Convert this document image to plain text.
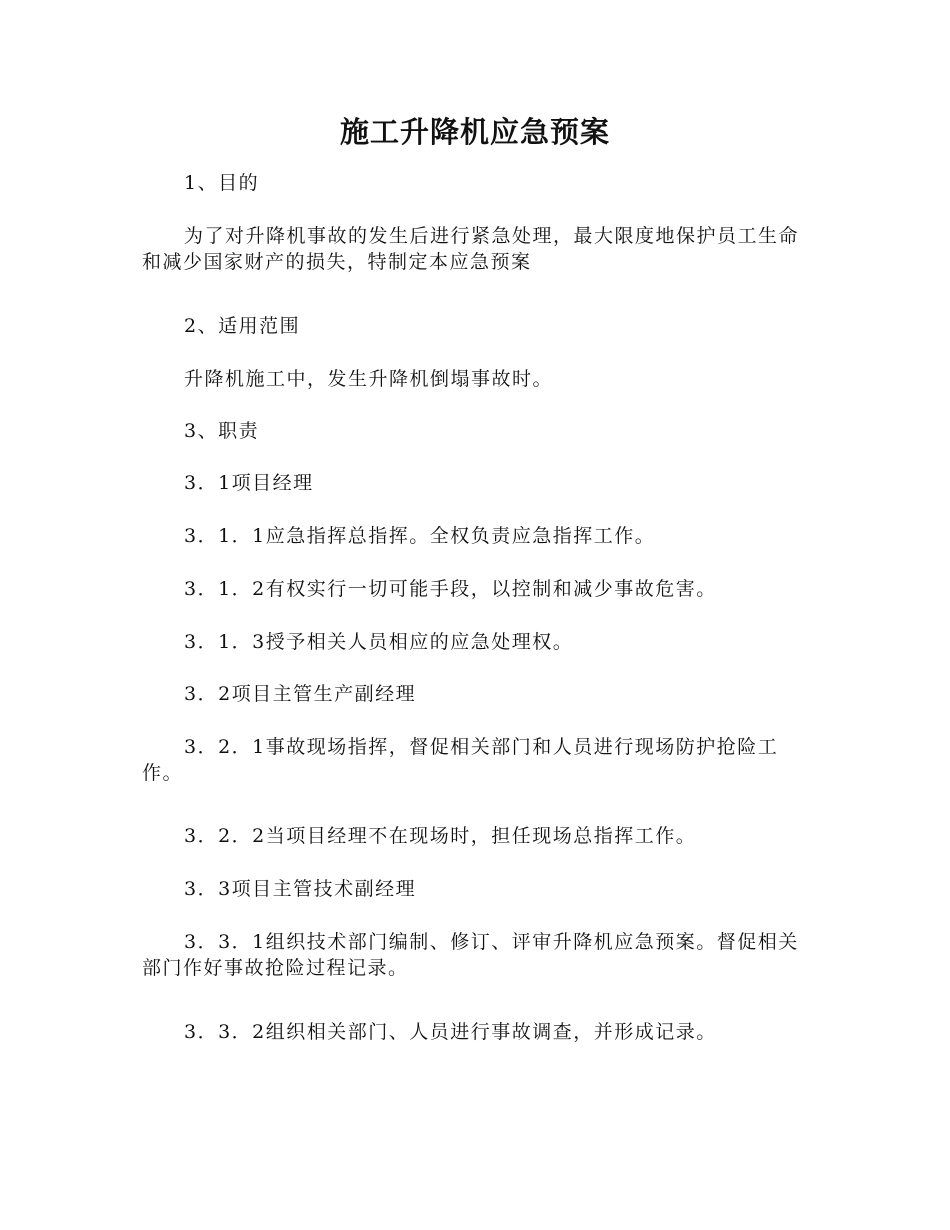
施工升降机应急预案

1、目的

为了对升降机事故的发生后进行紧急处理，最大限度地保护员工生命和减少国家财产的损失，特制定本应急预案

2、适用范围

升降机施工中，发生升降机倒塌事故时。

3、职责

3．1项目经理

3．1．1应急指挥总指挥。全权负责应急指挥工作。

3．1．2有权实行一切可能手段，以控制和减少事故危害。

3．1．3授予相关人员相应的应急处理权。

3．2项目主管生产副经理

3．2．1事故现场指挥，督促相关部门和人员进行现场防护抢险工作。

3．2．2当项目经理不在现场时，担任现场总指挥工作。

3．3项目主管技术副经理

3．3．1组织技术部门编制、修订、评审升降机应急预案。督促相关部门作好事故抢险过程记录。

3．3．2组织相关部门、人员进行事故调查，并形成记录。
